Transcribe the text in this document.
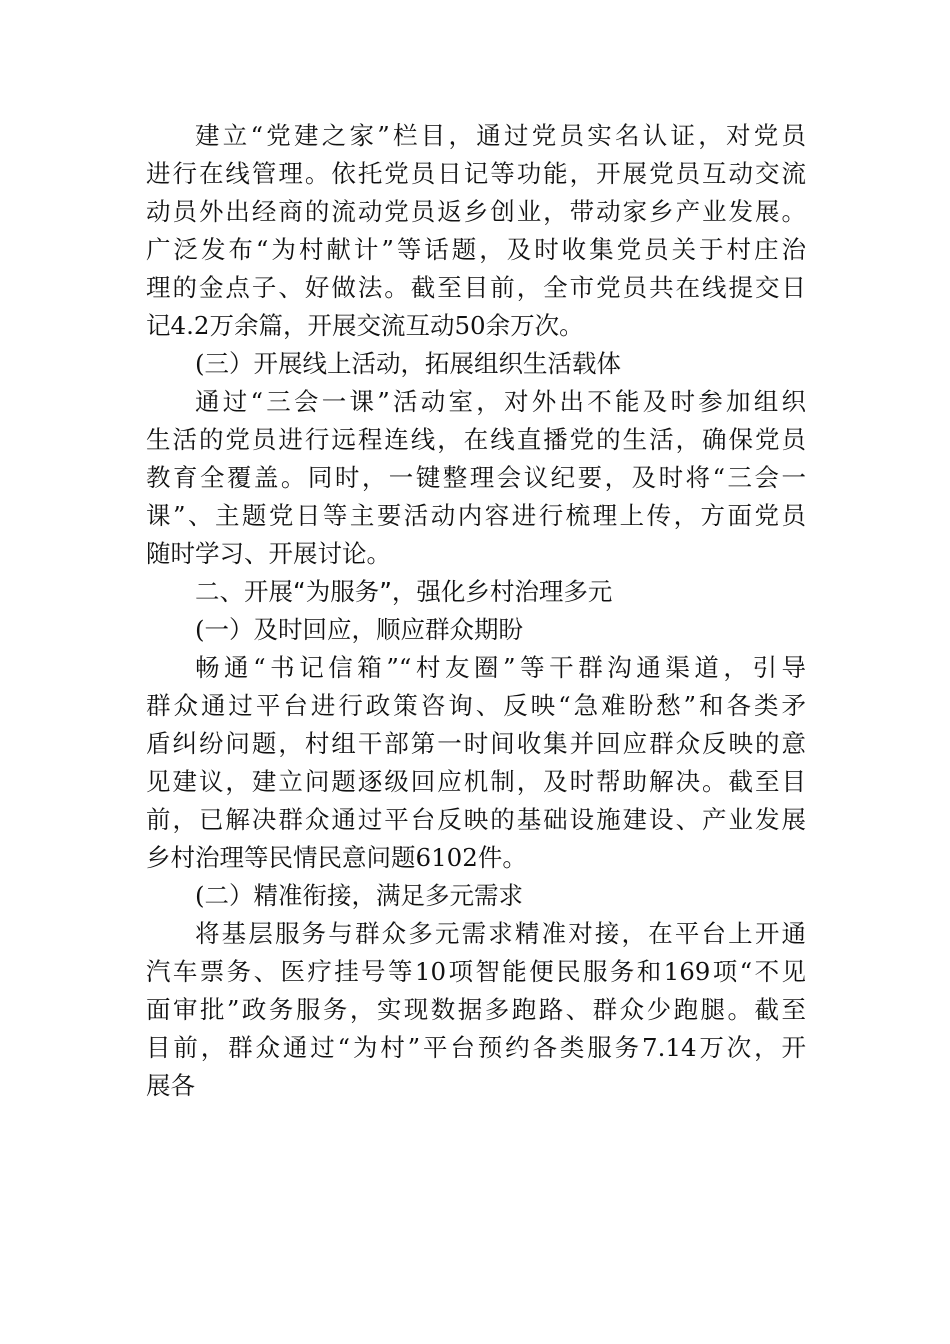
建立“党建之家”栏目，通过党员实名认证，对党员
进行在线管理。依托党员日记等功能，开展党员互动交流
动员外出经商的流动党员返乡创业，带动家乡产业发展。
广泛发布“为村献计”等话题，及时收集党员关于村庄治
理的金点子、好做法。截至目前，全市党员共在线提交日
记4.2万余篇，开展交流互动50余万次。
(三）开展线上活动，拓展组织生活载体
通过“三会一课”活动室，对外出不能及时参加组织
生活的党员进行远程连线，在线直播党的生活，确保党员
教育全覆盖。同时，一键整理会议纪要，及时将“三会一
课”、主题党日等主要活动内容进行梳理上传，方面党员
随时学习、开展讨论。
二、开展“为服务”，强化乡村治理多元
(一）及时回应，顺应群众期盼
畅通“书记信箱”“村友圈”等干群沟通渠道，引导
群众通过平台进行政策咨询、反映“急难盼愁”和各类矛
盾纠纷问题，村组干部第一时间收集并回应群众反映的意
见建议，建立问题逐级回应机制，及时帮助解决。截至目
前，已解决群众通过平台反映的基础设施建设、产业发展
乡村治理等民情民意问题6102件。
(二）精准衔接，满足多元需求
将基层服务与群众多元需求精准对接，在平台上开通
汽车票务、医疗挂号等10项智能便民服务和169项“不见
面审批”政务服务，实现数据多跑路、群众少跑腿。截至
目前，群众通过“为村”平台预约各类服务7.14万次，开
展各
